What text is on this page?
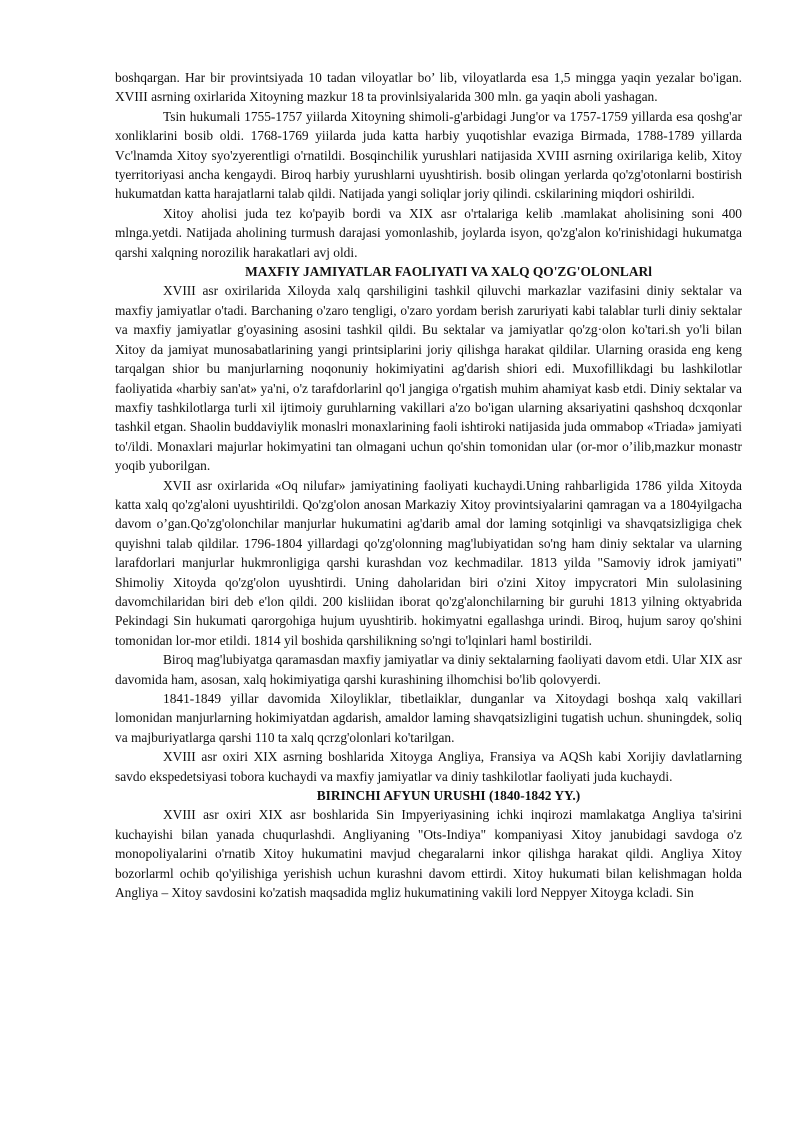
boshqargan. Har bir provintsiyada 10 tadan viloyatlar bo’ lib, viloyatlarda esa 1,5 mingga yaqin yezalar bo'igan. XVIII asrning oxirlarida Xitoyning mazkur 18 ta provinlsiyalarida 300 mln. ga yaqin aboli yashagan.

Tsin hukumali 1755-1757 yiilarda Xitoyning shimoli-g'arbidagi Jung'or va 1757-1759 yillarda esa qoshg'ar xonliklarini bosib oldi. 1768-1769 yiilarda juda katta harbiy yuqotishlar evaziga Birmada, 1788-1789 yillarda Vc'lnamda Xitoy syo'zyerentligi o'rnatildi. Bosqinchilik yurushlari natijasida XVIII asrning oxirilariga kelib, Xitoy tyerritoriyasi ancha kengaydi. Biroq harbiy yurushlarni uyushtirish. bosib olingan yerlarda qo'zg'otonlarni bostirish hukumatdan katta harajatlarni talab qildi. Natijada yangi soliqlar joriy qilindi. cskilarining miqdori oshirildi.

Xitoy aholisi juda tez ko'payib bordi va XIX asr o'rtalariga kelib .mamlakat aholisining soni 400 mlnga.yetdi. Natijada aholining turmush darajasi yomonlashib, joylarda isyon, qo'zg'alon ko'rinishidagi hukumatga qarshi xalqning norozilik harakatlari avj oldi.

MAXFIY JAMIYATLAR FAOLIYATI VA XALQ QO'ZG'OLONLARl

XVIII asr oxirilarida Xiloyda xalq qarshiligini tashkil qiluvchi markazlar vazifasini diniy sektalar va maxfiy jamiyatlar o'tadi. Barchaning o'zaro tengligi, o'zaro yordam berish zaruriyati kabi talablar turli diniy sektalar va maxfiy jamiyatlar g'oyasining asosini tashkil qildi. Bu sektalar va jamiyatlar qo'zg·olon ko'tari.sh yo'li bilan Xitoy da jamiyat munosabatlarining yangi printsiplarini joriy qilishga harakat qildilar. Ularning orasida eng keng tarqalgan shior bu manjurlarning noqonuniy hokimiyatini ag'darish shiori edi. Muxofillikdagi bu lashkilotlar faoliyatida «harbiy san'at» ya'ni, o'z tarafdorlarinl qo'l jangiga o'rgatish muhim ahamiyat kasb etdi. Diniy sektalar va maxfiy tashkilotlarga turli xil ijtimoiy guruhlarning vakillari a'zo bo'igan ularning aksariyatini qashshoq dcxqonlar tashkil etgan. Shaolin buddaviylik monaslri monaxlarining faoli ishtiroki natijasida juda ommabop «Triada» jamiyati to'/ildi. Monaxlari majurlar hokimyatini tan olmagani uchun qo'shin tomonidan ular (or-mor o’ilib,mazkur monastr yoqib yuborilgan.

XVII asr oxirlarida «Oq nilufar» jamiyatining faoliyati kuchaydi.Uning rahbarligida 1786 yilda Xitoyda katta xalq qo'zg'aloni uyushtirildi. Qo'zg'olon anosan Markaziy Xitoy provintsiyalarini qamragan va a 1804yilgacha davom o’gan.Qo'zg'olonchilar manjurlar hukumatini ag'darib amal dor laming sotqinligi va shavqatsizligiga chek quyishni talab qildilar. 1796-1804 yillardagi qo'zg'olonning mag'lubiyatidan so'ng ham diniy sektalar va ularning larafdorlari manjurlar hukmronligiga qarshi kurashdan voz kechmadilar. 1813 yilda "Samoviy idrok jamiyati" Shimoliy Xitoyda qo'zg'olon uyushtirdi. Uning daholaridan biri o'zini Xitoy impycratori Min sulolasining davomchilaridan biri deb e'lon qildi. 200 kisliidan iborat qo'zg'alonchilarning bir guruhi 1813 yilning oktyabrida Pekindagi Sin hukumati qarorgohiga hujum uyushtirib. hokimyatni egallashga urindi. Biroq, hujum saroy qo'shini tomonidan lor-mor etildi. 1814 yil boshida qarshilikning so'ngi to'lqinlari haml bostirildi.

Biroq mag'lubiyatga qaramasdan maxfiy jamiyatlar va diniy sektalarning faoliyati davom etdi. Ular XIX asr davomida ham, asosan, xalq hokimiyatiga qarshi kurashining ilhomchisi bo'lib qolovyerdi.

1841-1849 yillar davomida Xiloyliklar, tibetlaiklar, dunganlar va Xitoydagi boshqa xalq vakillari lomonidan manjurlarning hokimiyatdan agdarish, amaldor laming shavqatsizligini tugatish uchun. shuningdek, soliq va majburiyatlarga qarshi 110 ta xalq qcrzg'olonlari ko'tarilgan.

XVIII asr oxiri XIX asrning boshlarida Xitoyga Angliya, Fransiya va AQSh kabi Xorijiy davlatlarning savdo ekspedetsiyasi tobora kuchaydi va maxfiy jamiyatlar va diniy tashkilotlar faoliyati juda kuchaydi.

BIRINCHI AFYUN URUSHI (1840-1842 YY.)

XVIII asr oxiri XIX asr boshlarida Sin Impyeriyasining ichki inqirozi mamlakatga Angliya ta'sirini kuchayishi bilan yanada chuqurlashdi. Angliyaning "Ots-Indiya" kompaniyasi Xitoy janubidagi savdoga o'z monopoliyalarini o'rnatib Xitoy hukumatini mavjud chegaralarni inkor qilishga harakat qildi. Angliya Xitoy bozorlarml ochib qo'yilishiga yerishish uchun kurashni davom ettirdi. Xitoy hukumati bilan kelishmagan holda Angliya – Xitoy savdosini ko'zatish maqsadida mgliz hukumatining vakili lord Neppyer Xitoyga kcladi. Sin
